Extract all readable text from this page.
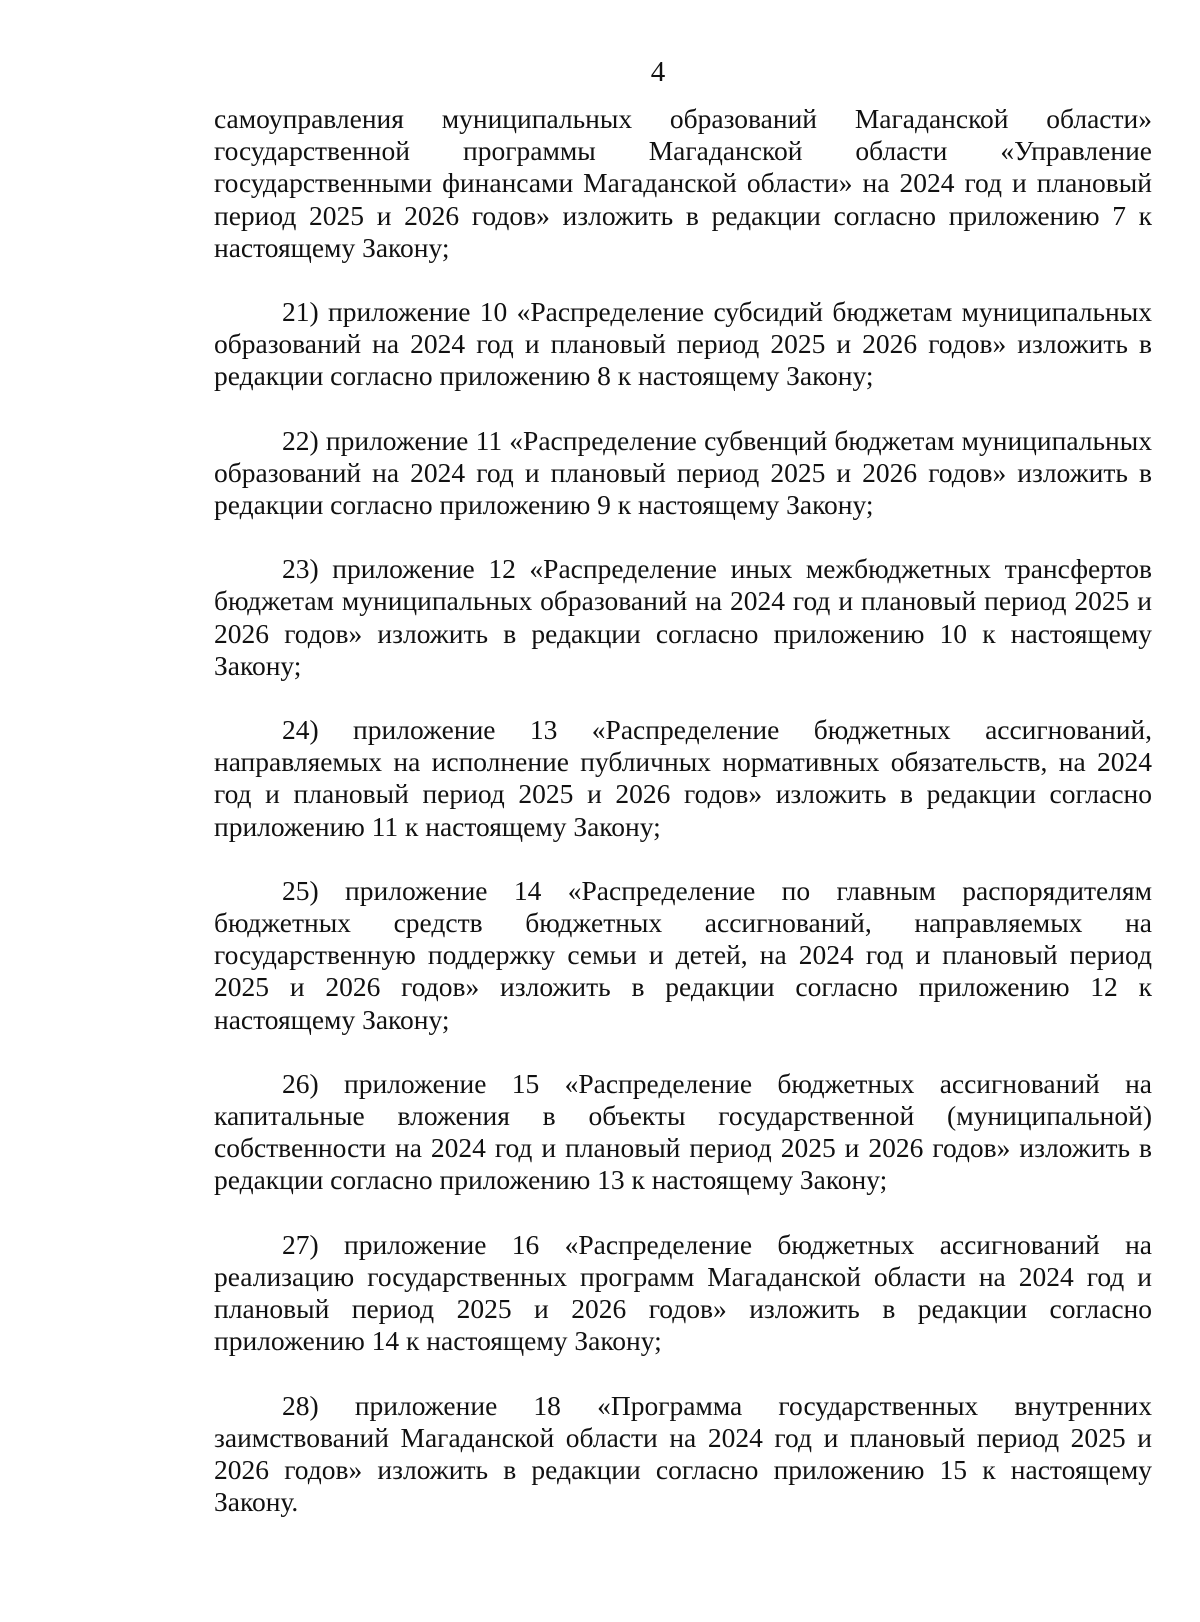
4

самоуправления муниципальных образований Магаданской области» государственной программы Магаданской области «Управление государственными финансами Магаданской области» на 2024 год и плановый период 2025 и 2026 годов» изложить в редакции согласно приложению 7 к настоящему Закону;

21) приложение 10 «Распределение субсидий бюджетам муниципальных образований на 2024 год и плановый период 2025 и 2026 годов» изложить в редакции согласно приложению 8 к настоящему Закону;

22) приложение 11 «Распределение субвенций бюджетам муниципальных образований на 2024 год и плановый период 2025 и 2026 годов» изложить в редакции согласно приложению 9 к настоящему Закону;

23) приложение 12 «Распределение иных межбюджетных трансфертов бюджетам муниципальных образований на 2024 год и плановый период 2025 и 2026 годов» изложить в редакции согласно приложению 10 к настоящему Закону;

24) приложение 13 «Распределение бюджетных ассигнований, направляемых на исполнение публичных нормативных обязательств, на 2024 год и плановый период 2025 и 2026 годов» изложить в редакции согласно приложению 11 к настоящему Закону;

25) приложение 14 «Распределение по главным распорядителям бюджетных средств бюджетных ассигнований, направляемых на государственную поддержку семьи и детей, на 2024 год и плановый период 2025 и 2026 годов» изложить в редакции согласно приложению 12 к настоящему Закону;

26) приложение 15 «Распределение бюджетных ассигнований на капитальные вложения в объекты государственной (муниципальной) собственности на 2024 год и плановый период 2025 и 2026 годов» изложить в редакции согласно приложению 13 к настоящему Закону;

27) приложение 16 «Распределение бюджетных ассигнований на реализацию государственных программ Магаданской области на 2024 год и плановый период 2025 и 2026 годов» изложить в редакции согласно приложению 14 к настоящему Закону;

28) приложение 18 «Программа государственных внутренних заимствований Магаданской области на 2024 год и плановый период 2025 и 2026 годов» изложить в редакции согласно приложению 15 к настоящему Закону.
